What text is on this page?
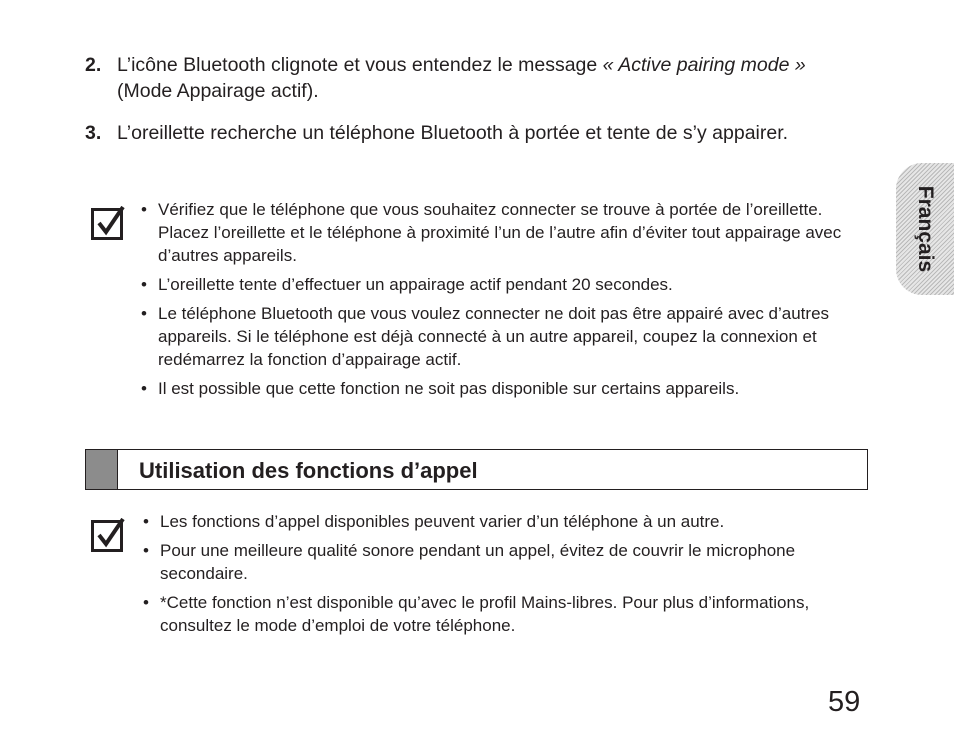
2. L’icône Bluetooth clignote et vous entendez le message « Active pairing mode » (Mode Appairage actif).
3. L’oreillette recherche un téléphone Bluetooth à portée et tente de s’y appairer.
• Vérifiez que le téléphone que vous souhaitez connecter se trouve à portée de l’oreillette. Placez l’oreillette et le téléphone à proximité l’un de l’autre afin d’éviter tout appairage avec d’autres appareils.
• L’oreillette tente d’effectuer un appairage actif pendant 20 secondes.
• Le téléphone Bluetooth que vous voulez connecter ne doit pas être appairé avec d’autres appareils. Si le téléphone est déjà connecté à un autre appareil, coupez la connexion et redémarrez la fonction d’appairage actif.
• Il est possible que cette fonction ne soit pas disponible sur certains appareils.
Utilisation des fonctions d’appel
• Les fonctions d’appel disponibles peuvent varier d’un téléphone à un autre.
• Pour une meilleure qualité sonore pendant un appel, évitez de couvrir le microphone secondaire.
• *Cette fonction n’est disponible qu’avec le profil Mains-libres. Pour plus d’informations, consultez le mode d’emploi de votre téléphone.
Français
59
